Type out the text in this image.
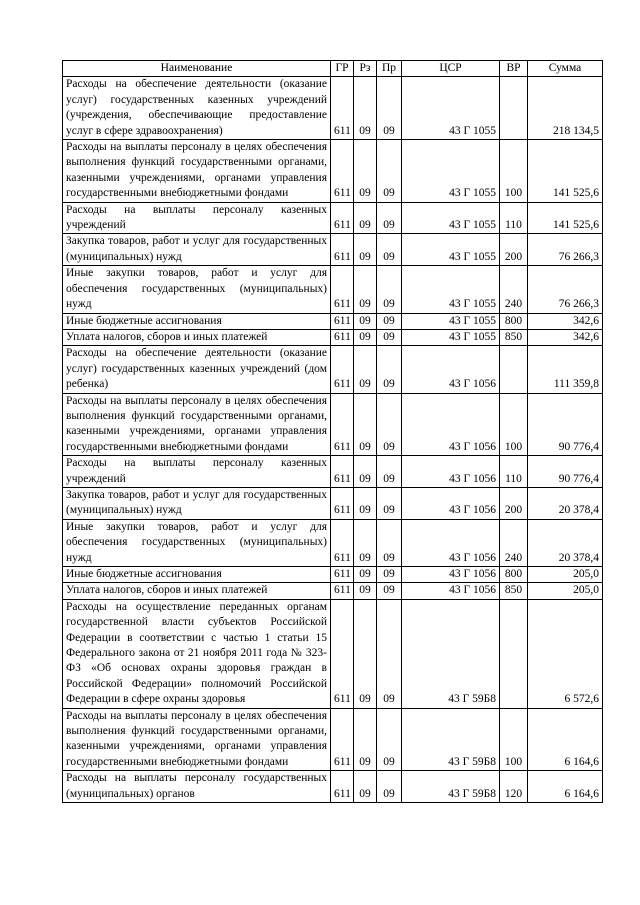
Наименование	ГР	Рз	Пр	ЦСР	ВР	Сумма
Расходы на обеспечение деятельности (оказание услуг) государственных казенных учреждений (учреждения, обеспечивающие предоставление услуг в сфере здравоохранения)	611	09	09	43 Г 1055		218 134,5
Расходы на выплаты персоналу в целях обеспечения выполнения функций государственными органами, казенными учреждениями, органами управления государственными внебюджетными фондами	611	09	09	43 Г 1055	100	141 525,6
Расходы на выплаты персоналу казенных учреждений	611	09	09	43 Г 1055	110	141 525,6
Закупка товаров, работ и услуг для государственных (муниципальных) нужд	611	09	09	43 Г 1055	200	76 266,3
Иные закупки товаров, работ и услуг для обеспечения государственных (муниципальных) нужд	611	09	09	43 Г 1055	240	76 266,3
Иные бюджетные ассигнования	611	09	09	43 Г 1055	800	342,6
Уплата налогов, сборов и иных платежей	611	09	09	43 Г 1055	850	342,6
Расходы на обеспечение деятельности (оказание услуг) государственных казенных учреждений (дом ребенка)	611	09	09	43 Г 1056		111 359,8
Расходы на выплаты персоналу в целях обеспечения выполнения функций государственными органами, казенными учреждениями, органами управления государственными внебюджетными фондами	611	09	09	43 Г 1056	100	90 776,4
Расходы на выплаты персоналу казенных учреждений	611	09	09	43 Г 1056	110	90 776,4
Закупка товаров, работ и услуг для государственных (муниципальных) нужд	611	09	09	43 Г 1056	200	20 378,4
Иные закупки товаров, работ и услуг для обеспечения государственных (муниципальных) нужд	611	09	09	43 Г 1056	240	20 378,4
Иные бюджетные ассигнования	611	09	09	43 Г 1056	800	205,0
Уплата налогов, сборов и иных платежей	611	09	09	43 Г 1056	850	205,0
Расходы на осуществление переданных органам государственной власти субъектов Российской Федерации в соответствии с частью 1 статьи 15 Федерального закона от 21 ноября 2011 года № 323-ФЗ «Об основах охраны здоровья граждан в Российской Федерации» полномочий Российской Федерации в сфере охраны здоровья	611	09	09	43 Г 59Б8		6 572,6
Расходы на выплаты персоналу в целях обеспечения выполнения функций государственными органами, казенными учреждениями, органами управления государственными внебюджетными фондами	611	09	09	43 Г 59Б8	100	6 164,6
Расходы на выплаты персоналу государственных (муниципальных) органов	611	09	09	43 Г 59Б8	120	6 164,6
